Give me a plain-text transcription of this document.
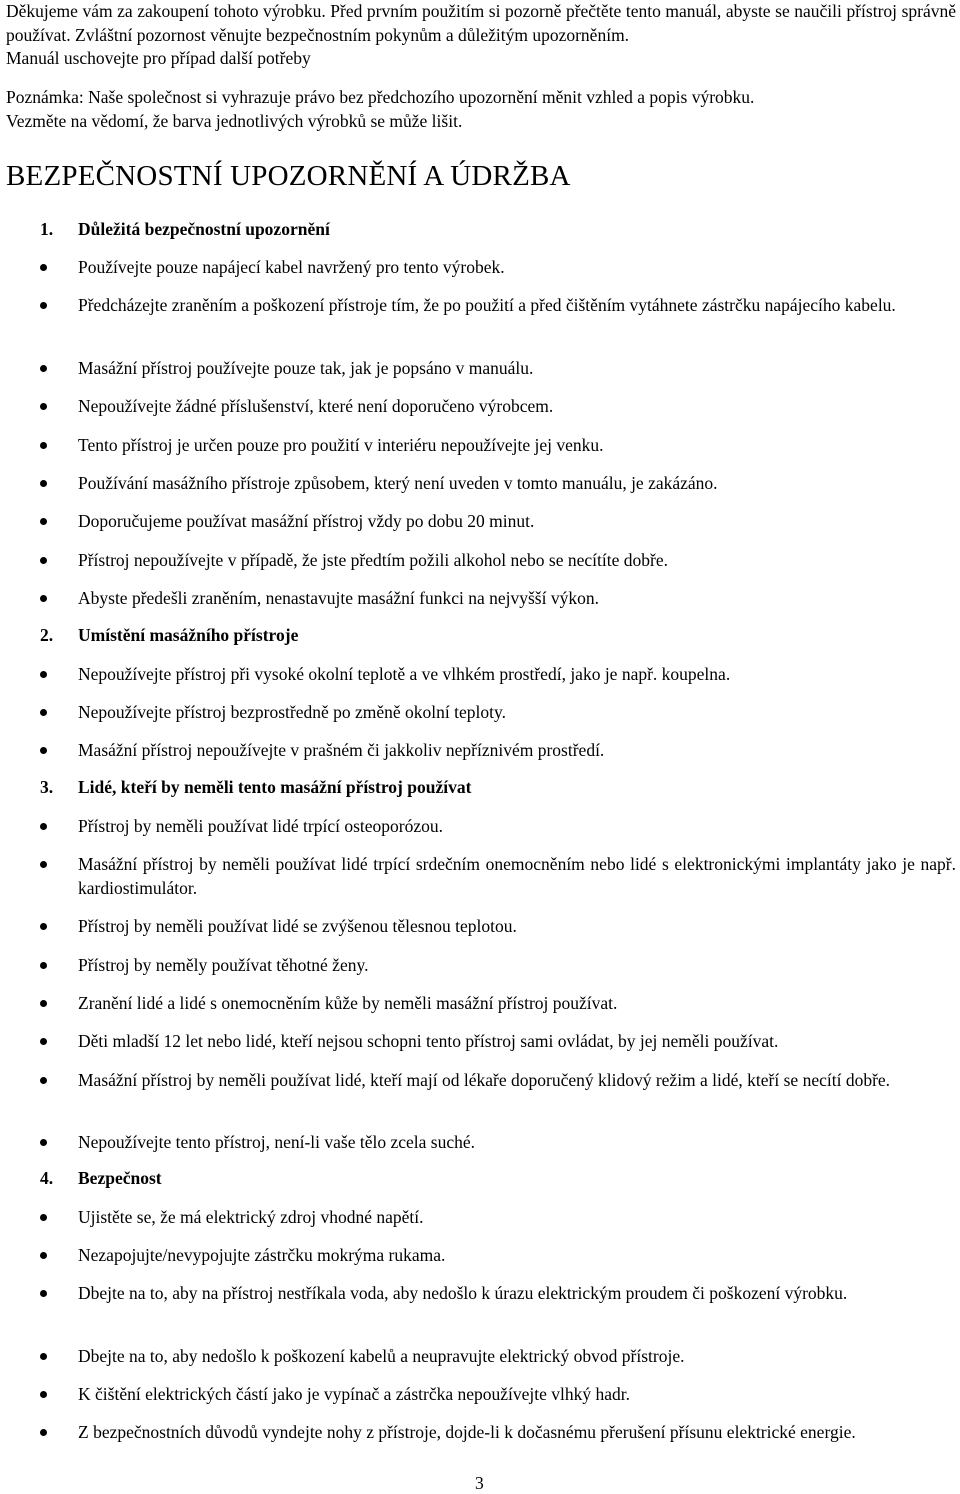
Děkujeme vám za zakoupení tohoto výrobku. Před prvním použitím si pozorně přečtěte tento manuál, abyste se naučili přístroj správně používat. Zvláštní pozornost věnujte bezpečnostním pokynům a důležitým upozorněním.
Manuál uschovejte pro případ další potřeby

Poznámka: Naše společnost si vyhrazuje právo bez předchozího upozornění měnit vzhled a popis výrobku.
Vezměte na vědomí, že barva jednotlivých výrobků se může lišit.

BEZPEČNOSTNÍ UPOZORNĚNÍ A ÚDRŽBA

1. Důležitá bezpečnostní upozornění

Používejte pouze napájecí kabel navržený pro tento výrobek.
Předcházejte zraněním a poškození přístroje tím, že po použití a před čištěním vytáhnete zástrčku napájecího kabelu.
Masážní přístroj používejte pouze tak, jak je popsáno v manuálu.
Nepoužívejte žádné příslušenství, které není doporučeno výrobcem.
Tento přístroj je určen pouze pro použití v interiéru nepoužívejte jej venku.
Používání masážního přístroje způsobem, který není uveden v tomto manuálu, je zakázáno.
Doporučujeme používat masážní přístroj vždy po dobu 20 minut.
Přístroj nepoužívejte v případě, že jste předtím požili alkohol nebo se necítíte dobře.
Abyste předešli zraněním, nenastavujte masážní funkci na nejvyšší výkon.

2. Umístění masážního přístroje

Nepoužívejte přístroj při vysoké okolní teplotě a ve vlhkém prostředí, jako je např. koupelna.
Nepoužívejte přístroj bezprostředně po změně okolní teploty.
Masážní přístroj nepoužívejte v prašném či jakkoliv nepříznivém prostředí.

3. Lidé, kteří by neměli tento masážní přístroj používat

Přístroj by neměli používat lidé trpící osteoporózou.
Masážní přístroj by neměli používat lidé trpící srdečním onemocněním nebo lidé s elektronickými implantáty jako je např. kardiostimulátor.
Přístroj by neměli používat lidé se zvýšenou tělesnou teplotou.
Přístroj by neměly používat těhotné ženy.
Zranění lidé a lidé s onemocněním kůže by neměli masážní přístroj používat.
Děti mladší 12 let nebo lidé, kteří nejsou schopni tento přístroj sami ovládat, by jej neměli používat.
Masážní přístroj by neměli používat lidé, kteří mají od lékaře doporučený klidový režim a lidé, kteří se necítí dobře.
Nepoužívejte tento přístroj, není-li vaše tělo zcela suché.

4. Bezpečnost

Ujistěte se, že má elektrický zdroj vhodné napětí.
Nezapojujte/nevypojujte zástrčku mokrýma rukama.
Dbejte na to, aby na přístroj nestříkala voda, aby nedošlo k úrazu elektrickým proudem či poškození výrobku.
Dbejte na to, aby nedošlo k poškození kabelů a neupravujte elektrický obvod přístroje.
K čištění elektrických částí jako je vypínač a zástrčka nepoužívejte vlhký hadr.
Z bezpečnostních důvodů vyndejte nohy z přístroje, dojde-li k dočasnému přerušení přísunu elektrické energie.

3
